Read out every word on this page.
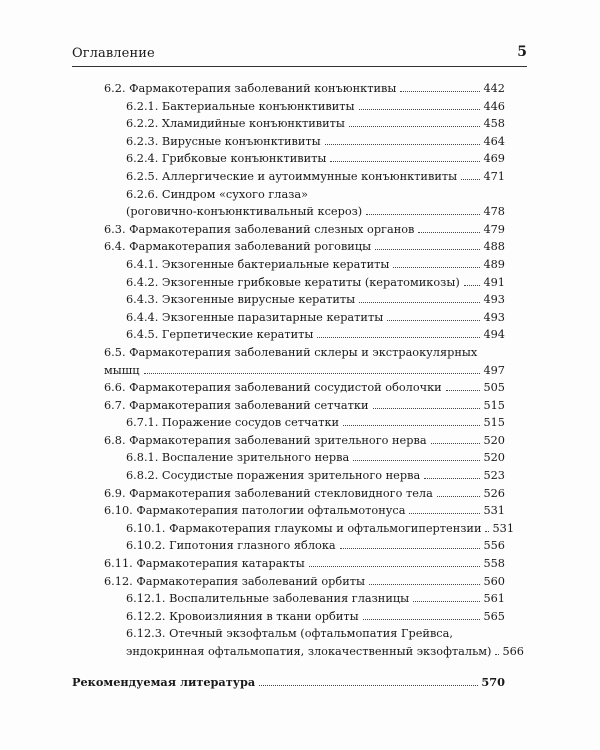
Оглавление	5
6.2. Фармакотерапия заболеваний конъюнктивы	442
6.2.1. Бактериальные конъюнктивиты	446
6.2.2. Хламидийные конъюнктивиты	458
6.2.3. Вирусные конъюнктивиты	464
6.2.4. Грибковые конъюнктивиты	469
6.2.5. Аллергические и аутоиммунные конъюнктивиты 471
6.2.6. Синдром «сухого глаза»
(роговично-конъюнктивальный ксероз)	478
6.3. Фармакотерапия заболеваний слезных органов	479
6.4. Фармакотерапия заболеваний роговицы	488
6.4.1. Экзогенные бактериальные кератиты	489
6.4.2. Экзогенные грибковые кератиты (кератомикозы) 491
6.4.3. Экзогенные вирусные кератиты	493
6.4.4. Экзогенные паразитарные кератиты	493
6.4.5. Герпетические кератиты	494
6.5. Фармакотерапия заболеваний склеры и экстраокулярных
мышц	497
6.6. Фармакотерапия заболеваний сосудистой оболочки	505
6.7. Фармакотерапия заболеваний сетчатки	515
6.7.1. Поражение сосудов сетчатки	515
6.8. Фармакотерапия заболеваний зрительного нерва	520
6.8.1. Воспаление зрительного нерва	520
6.8.2. Сосудистые поражения зрительного нерва	523
6.9. Фармакотерапия заболеваний стекловидного тела	526
6.10. Фармакотерапия патологии офтальмотонуса	531
6.10.1. Фармакотерапия глаукомы и офтальмогипертензии 531
6.10.2. Гипотония глазного яблока	556
6.11. Фармакотерапия катаракты	558
6.12. Фармакотерапия заболеваний орбиты	560
6.12.1. Воспалительные заболевания глазницы	561
6.12.2. Кровоизлияния в ткани орбиты	565
6.12.3. Отечный экзофтальм (офтальмопатия Грейвса,
эндокринная офтальмопатия, злокачественный экзофтальм) 566
Рекомендуемая литература	570
